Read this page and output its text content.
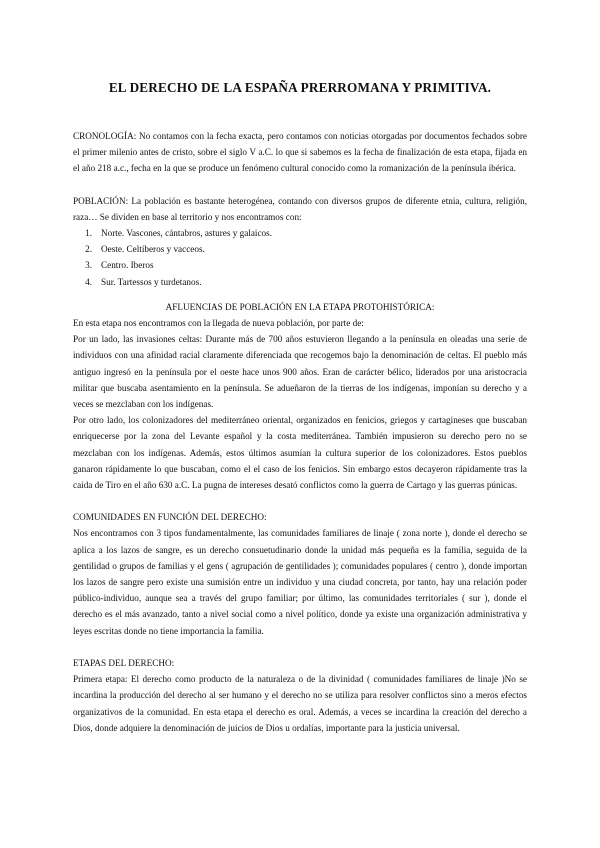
EL DERECHO DE LA ESPAÑA PRERROMANA Y PRIMITIVA.

CRONOLOGÍA: No contamos con la fecha exacta, pero contamos con noticias otorgadas por documentos fechados sobre el primer milenio antes de cristo, sobre el siglo V a.C. lo que si sabemos es la fecha de finalización de esta etapa, fijada en el año 218 a.c., fecha en la que se produce un fenómeno cultural conocido como la romanización de la península ibérica.

POBLACIÓN: La población es bastante heterogénea, contando con diversos grupos de diferente etnia, cultura, religión, raza… Se dividen en base al territorio y nos encontramos con:

1. Norte. Vascones, cántabros, astures y galaicos.
2. Oeste. Celtíberos y vacceos.
3. Centro. Iberos
4. Sur. Tartessos y turdetanos.

AFLUENCIAS DE POBLACIÓN EN LA ETAPA PROTOHISTÓRICA:

En esta etapa nos encontramos con la llegada de nueva población, por parte de:

Por un lado, las invasiones celtas: Durante más de 700 años estuvieron llegando a la península en oleadas una serie de individuos con una afinidad racial claramente diferenciada que recogemos bajo la denominación de celtas. El pueblo más antiguo ingresó en la península por el oeste hace unos 900 años. Eran de carácter bélico, liderados por una aristocracia militar que buscaba asentamiento en la península. Se adueñaron de la tierras de los indígenas, imponían su derecho y a veces se mezclaban con los indígenas.

Por otro lado, los colonizadores del mediterráneo oriental, organizados en fenicios, griegos y cartagineses que buscaban enriquecerse por la zona del Levante español y la costa mediterránea. También impusieron su derecho pero no se mezclaban con los indígenas. Además, estos últimos asumían la cultura superior de los colonizadores. Estos pueblos ganaron rápidamente lo que buscaban, como el el caso de los fenicios. Sin embargo estos decayeron rápidamente tras la caída de Tiro en el año 630 a.C. La pugna de intereses desató conflictos como la guerra de Cartago y las guerras púnicas.

COMUNIDADES EN FUNCIÓN DEL DERECHO:

Nos encontramos con 3 tipos fundamentalmente, las comunidades familiares de linaje ( zona norte ), donde el derecho se aplica a los lazos de sangre, es un derecho consuetudinario donde la unidad más pequeña es la familia, seguida de la gentilidad o grupos de familias y el gens ( agrupación de gentilidades ); comunidades populares ( centro ), donde importan los lazos de sangre pero existe una sumisión entre un individuo y una ciudad concreta, por tanto, hay una relación poder público-individuo, aunque sea a través del grupo familiar; por último, las comunidades territoriales ( sur ), donde el derecho es el más avanzado, tanto a nivel social como a nivel político, donde ya existe una organización administrativa y leyes escritas donde no tiene importancia la familia.

ETAPAS DEL DERECHO:

Primera etapa: El derecho como producto de la naturaleza o de la divinidad ( comunidades familiares de linaje )No se incardina la producción del derecho al ser humano y el derecho no se utiliza para resolver conflictos sino a meros efectos organizativos de la comunidad. En esta etapa el derecho es oral. Además, a veces se incardina la creación del derecho a Dios, donde adquiere la denominación de juicios de Dios u ordalías, importante para la justicia universal.
